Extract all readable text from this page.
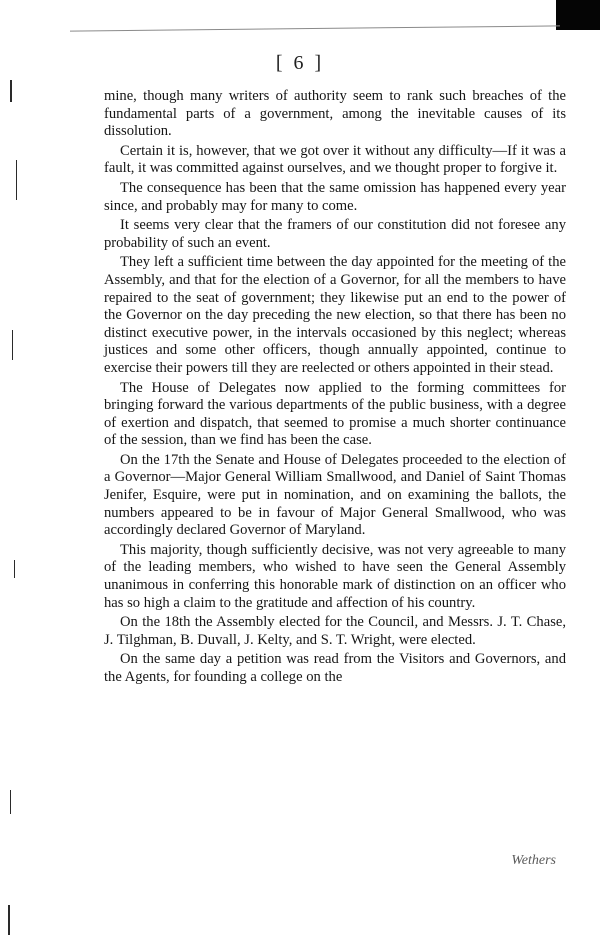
[ 6 ]

mine, though many writers of authority seem to rank such breaches of the fundamental parts of a government, among the inevitable causes of its dissolution.

Certain it is, however, that we got over it without any difficulty—If it was a fault, it was committed against ourselves, and we thought proper to forgive it.

The consequence has been that the same omission has happened every year since, and probably may for many to come.

It seems very clear that the framers of our constitution did not foresee any probability of such an event.

They left a sufficient time between the day appointed for the meeting of the Assembly, and that for the election of a Governor, for all the members to have repaired to the seat of government; they likewise put an end to the power of the Governor on the day preceding the new election, so that there has been no distinct executive power, in the intervals occasioned by this neglect; whereas justices and some other officers, though annually appointed, continue to exercise their powers till they are reelected or others appointed in their stead.

The House of Delegates now applied to the forming committees for bringing forward the various departments of the public business, with a degree of exertion and dispatch, that seemed to promise a much shorter continuance of the session, than we find has been the case.

On the 17th the Senate and House of Delegates proceeded to the election of a Governor—Major General William Smallwood, and Daniel of Saint Thomas Jenifer, Esquire, were put in nomination, and on examining the ballots, the numbers appeared to be in favour of Major General Smallwood, who was accordingly declared Governor of Maryland.

This majority, though sufficiently decisive, was not very agreeable to many of the leading members, who wished to have seen the General Assembly unanimous in conferring this honorable mark of distinction on an officer who has so high a claim to the gratitude and affection of his country.

On the 18th the Assembly elected for the Council, and Messrs. J. T. Chase, J. Tilghman, B. Duvall, J. Kelty, and S. T. Wright, were elected.

On the same day a petition was read from the Visitors and Governors, and the Agents, for founding a college on the

Wethers
